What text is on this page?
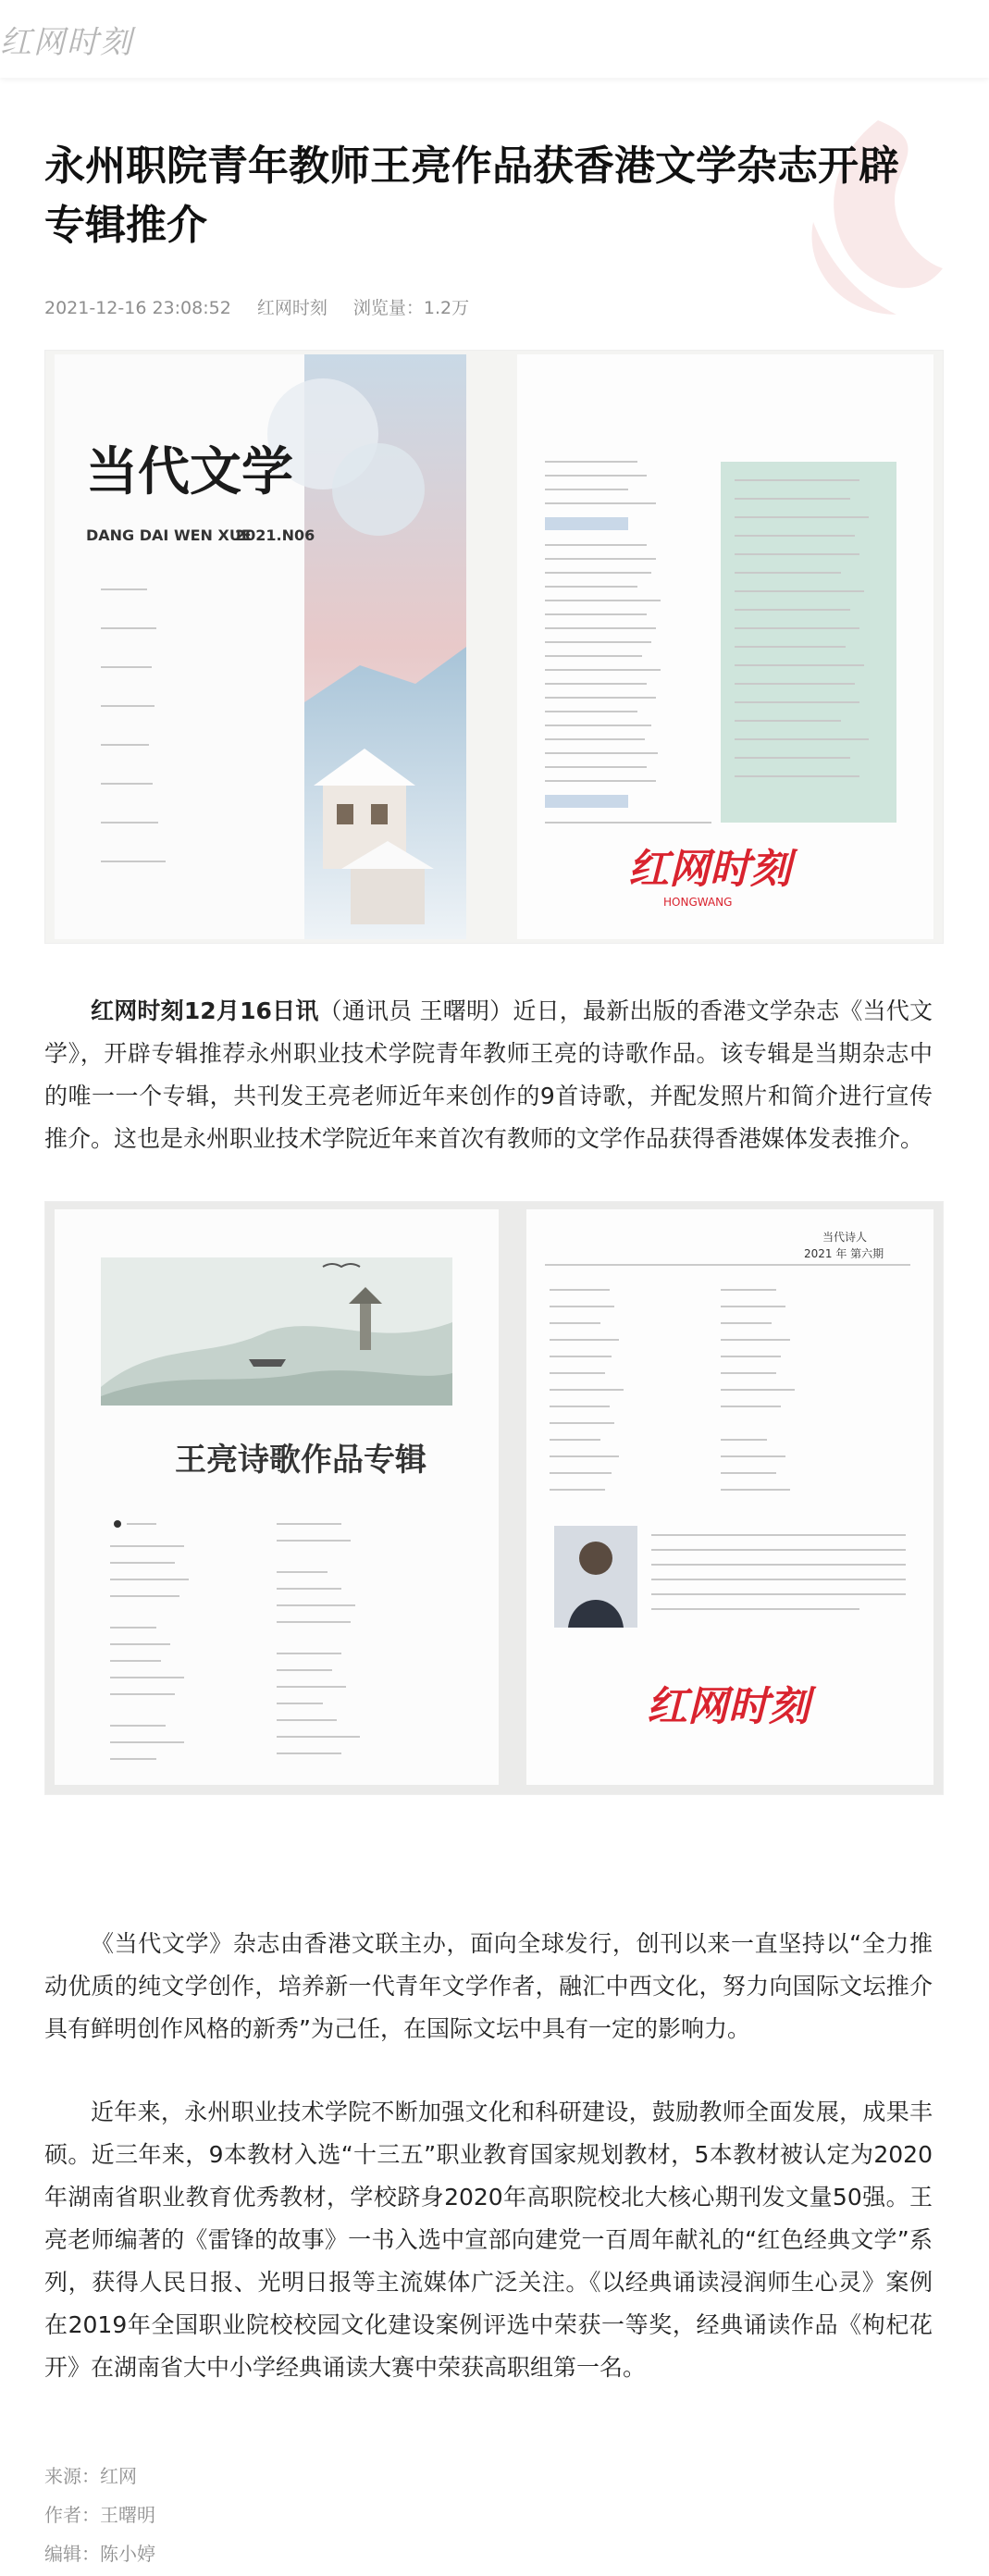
红网时刻
永州职院青年教师王亮作品获香港文学杂志开辟专辑推介
2021-12-16 23:08:52 红网时刻 浏览量：1.2万
当代文学
DANG DAI WEN XUE
2021.N06
红网时刻
HONGWANG

红网时刻12月16日讯（通讯员 王曙明）近日，最新出版的香港文学杂志《当代文学》，开辟专辑推荐永州职业技术学院青年教师王亮的诗歌作品。该专辑是当期杂志中的唯一一个专辑，共刊发王亮老师近年来创作的9首诗歌，并配发照片和简介进行宣传推介。这也是永州职业技术学院近年来首次有教师的文学作品获得香港媒体发表推介。

王亮诗歌作品专辑
当代诗人
2021 年 第六期
红网时刻

《当代文学》杂志由香港文联主办，面向全球发行，创刊以来一直坚持以“全力推动优质的纯文学创作，培养新一代青年文学作者，融汇中西文化，努力向国际文坛推介具有鲜明创作风格的新秀”为己任，在国际文坛中具有一定的影响力。

近年来，永州职业技术学院不断加强文化和科研建设，鼓励教师全面发展，成果丰硕。近三年来，9本教材入选“十三五”职业教育国家规划教材，5本教材被认定为2020年湖南省职业教育优秀教材，学校跻身2020年高职院校北大核心期刊发文量50强。王亮老师编著的《雷锋的故事》一书入选中宣部向建党一百周年献礼的“红色经典文学”系列，获得人民日报、光明日报等主流媒体广泛关注。《以经典诵读浸润师生心灵》案例在2019年全国职业院校校园文化建设案例评选中荣获一等奖，经典诵读作品《枸杞花开》在湖南省大中小学经典诵读大赛中荣获高职组第一名。

来源：红网
作者：王曙明
编辑：陈小婷
